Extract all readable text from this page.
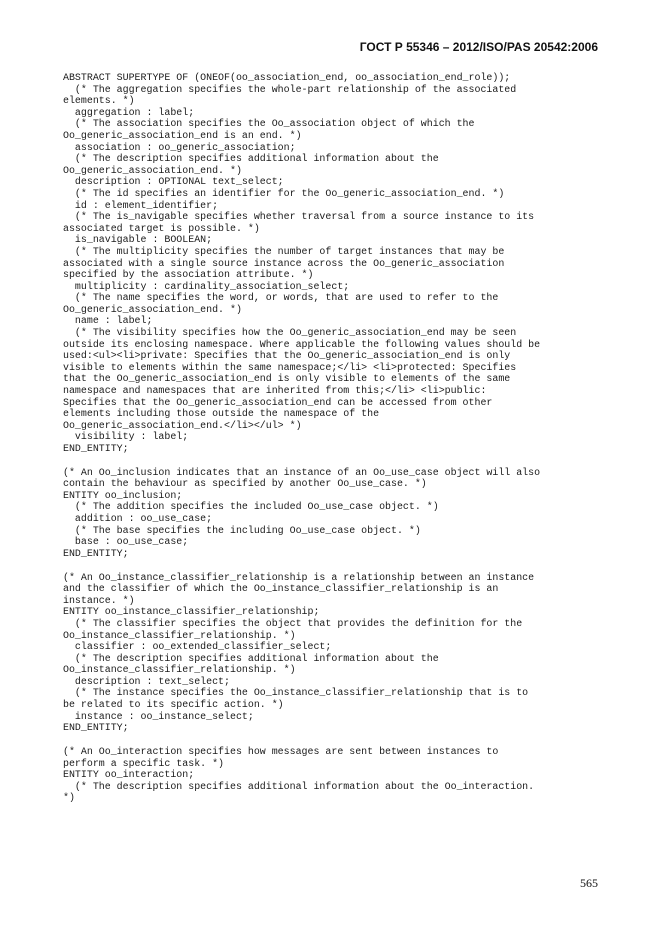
ГОСТ Р 55346 – 2012/ISO/PAS 20542:2006
ABSTRACT SUPERTYPE OF (ONEOF(oo_association_end, oo_association_end_role));
(* The aggregation specifies the whole-part relationship of the associated
elements. *)
aggregation : label;
(* The association specifies the Oo_association object of which the
Oo_generic_association_end is an end. *)
association : oo_generic_association;
(* The description specifies additional information about the
Oo_generic_association_end. *)
description : OPTIONAL text_select;
(* The id specifies an identifier for the Oo_generic_association_end. *)
id : element_identifier;
(* The is_navigable specifies whether traversal from a source instance to its
associated target is possible. *)
is_navigable : BOOLEAN;
(* The multiplicity specifies the number of target instances that may be
associated with a single source instance across the Oo_generic_association
specified by the association attribute. *)
multiplicity : cardinality_association_select;
(* The name specifies the word, or words, that are used to refer to the
Oo_generic_association_end. *)
name : label;
(* The visibility specifies how the Oo_generic_association_end may be seen
outside its enclosing namespace. Where applicable the following values should be
used:<ul><li>private: Specifies that the Oo_generic_association_end is only
visible to elements within the same namespace;</li> <li>protected: Specifies
that the Oo_generic_association_end is only visible to elements of the same
namespace and namespaces that are inherited from this;</li> <li>public:
Specifies that the Oo_generic_association_end can be accessed from other
elements including those outside the namespace of the
Oo_generic_association_end.</li></ul> *)
visibility : label;
END_ENTITY;
(* An Oo_inclusion indicates that an instance of an Oo_use_case object will also
contain the behaviour as specified by another Oo_use_case. *)
ENTITY oo_inclusion;
(* The addition specifies the included Oo_use_case object. *)
addition : oo_use_case;
(* The base specifies the including Oo_use_case object. *)
base : oo_use_case;
END_ENTITY;
(* An Oo_instance_classifier_relationship is a relationship between an instance
and the classifier of which the Oo_instance_classifier_relationship is an
instance. *)
ENTITY oo_instance_classifier_relationship;
(* The classifier specifies the object that provides the definition for the
Oo_instance_classifier_relationship. *)
classifier : oo_extended_classifier_select;
(* The description specifies additional information about the
Oo_instance_classifier_relationship. *)
description : text_select;
(* The instance specifies the Oo_instance_classifier_relationship that is to
be related to its specific action. *)
instance : oo_instance_select;
END_ENTITY;
(* An Oo_interaction specifies how messages are sent between instances to
perform a specific task. *)
ENTITY oo_interaction;
(* The description specifies additional information about the Oo_interaction.
*)
565
